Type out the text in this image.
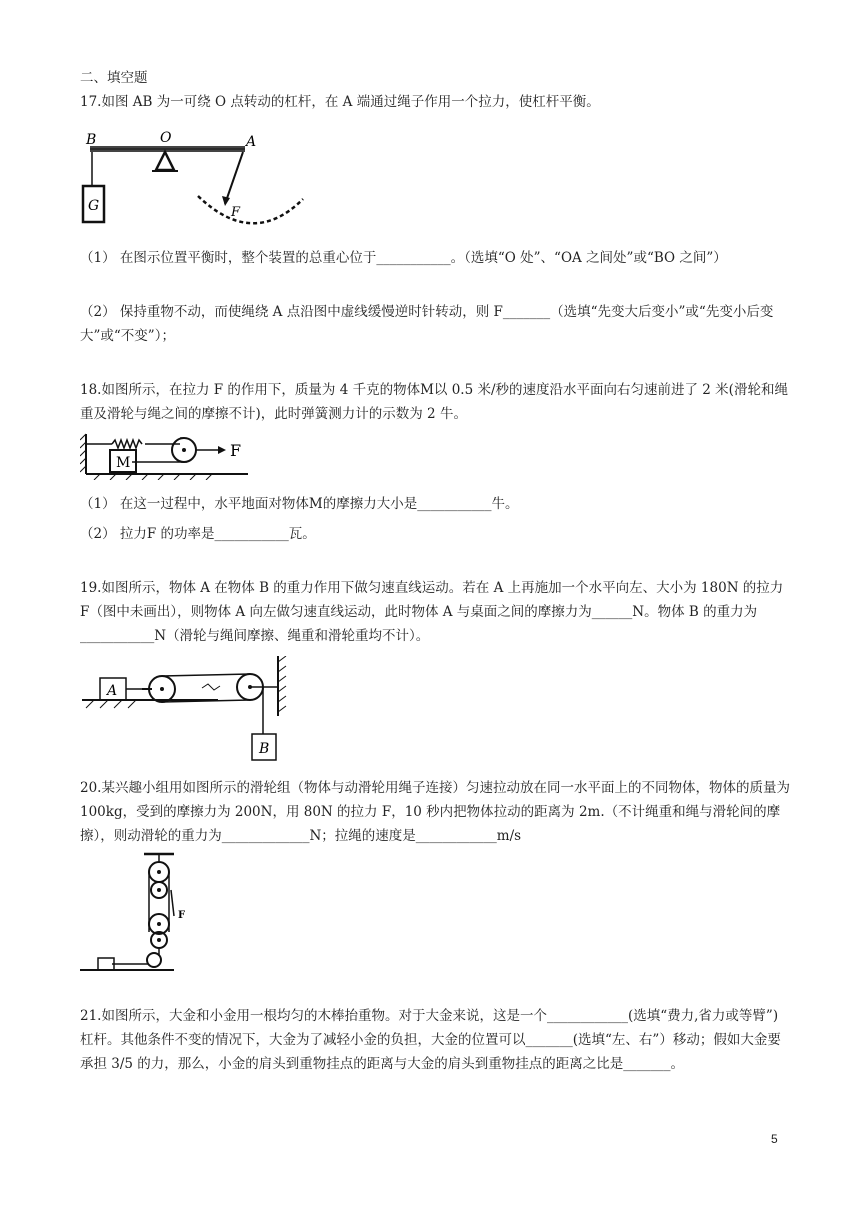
二、填空题
17.如图 AB 为一可绕 O 点转动的杠杆，在 A 端通过绳子作用一个拉力，使杠杆平衡。
B	O	A
G	F
（1） 在图示位置平衡时，整个装置的总重心位于___________。（选填“O 处”、“OA 之间处”或“BO 之间”）
（2） 保持重物不动，而使绳绕 A 点沿图中虚线缓慢逆时针转动，则 F_______（选填“先变大后变小”或“先变小后变大”或“不变”）；
18.如图所示，在拉力 F 的作用下，质量为 4 千克的物体M以 0.5 米/秒的速度沿水平面向右匀速前进了 2 米(滑轮和绳重及滑轮与绳之间的摩擦不计)，此时弹簧测力计的示数为 2 牛。
M
F
（1） 在这一过程中，水平地面对物体M的摩擦力大小是___________牛。
（2） 拉力F 的功率是___________瓦。
19.如图所示，物体 A 在物体 B 的重力作用下做匀速直线运动。若在 A 上再施加一个水平向左、大小为 180N 的拉力 F（图中未画出），则物体 A 向左做匀速直线运动，此时物体 A 与桌面之间的摩擦力为______N。物体 B 的重力为___________N（滑轮与绳间摩擦、绳重和滑轮重均不计）。
A
B
20.某兴趣小组用如图所示的滑轮组（物体与动滑轮用绳子连接）匀速拉动放在同一水平面上的不同物体，物体的质量为 100kg，受到的摩擦力为 200N，用 80N 的拉力 F，10 秒内把物体拉动的距离为 2m.（不计绳重和绳与滑轮间的摩擦），则动滑轮的重力为_____________N；拉绳的速度是____________m/s
F
21.如图所示，大金和小金用一根均匀的木棒抬重物。对于大金来说，这是一个____________(选填“费力,省力或等臂”)杠杆。其他条件不变的情况下，大金为了减轻小金的负担，大金的位置可以_______(选填“左、右”）移动；假如大金要承担 3/5 的力，那么，小金的肩头到重物挂点的距离与大金的肩头到重物挂点的距离之比是_______。
5
